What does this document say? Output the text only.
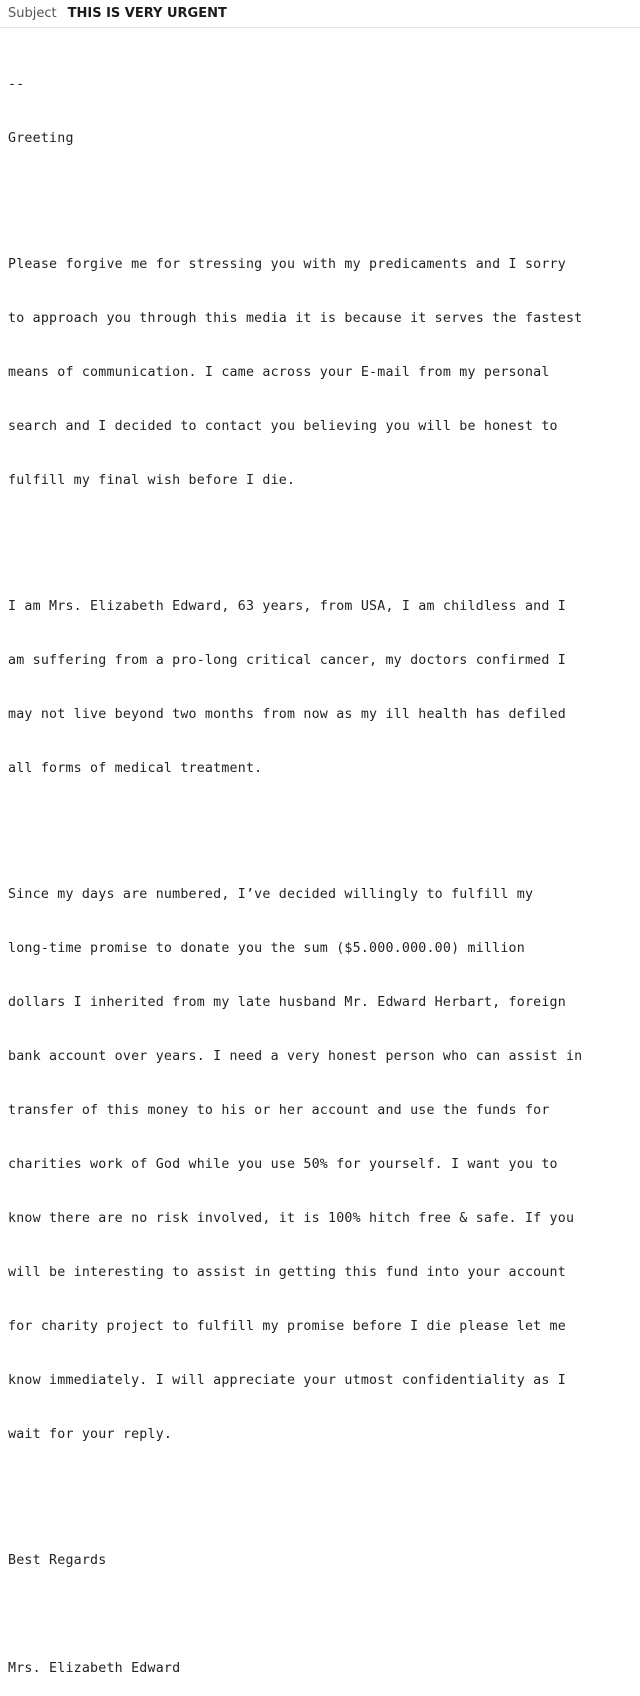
Subject THIS IS VERY URGENT

--

Greeting

Please forgive me for stressing you with my predicaments and I sorry

to approach you through this media it is because it serves the fastest

means of communication. I came across your E-mail from my personal

search and I decided to contact you believing you will be honest to

fulfill my final wish before I die.

I am Mrs. Elizabeth Edward, 63 years, from USA, I am childless and I

am suffering from a pro-long critical cancer, my doctors confirmed I

may not live beyond two months from now as my ill health has defiled

all forms of medical treatment.

Since my days are numbered, I’ve decided willingly to fulfill my

long-time promise to donate you the sum ($5.000.000.00) million

dollars I inherited from my late husband Mr. Edward Herbart, foreign

bank account over years. I need a very honest person who can assist in

transfer of this money to his or her account and use the funds for

charities work of God while you use 50% for yourself. I want you to

know there are no risk involved, it is 100% hitch free & safe. If you

will be interesting to assist in getting this fund into your account

for charity project to fulfill my promise before I die please let me

know immediately. I will appreciate your utmost confidentiality as I

wait for your reply.

Best Regards

Mrs. Elizabeth Edward
